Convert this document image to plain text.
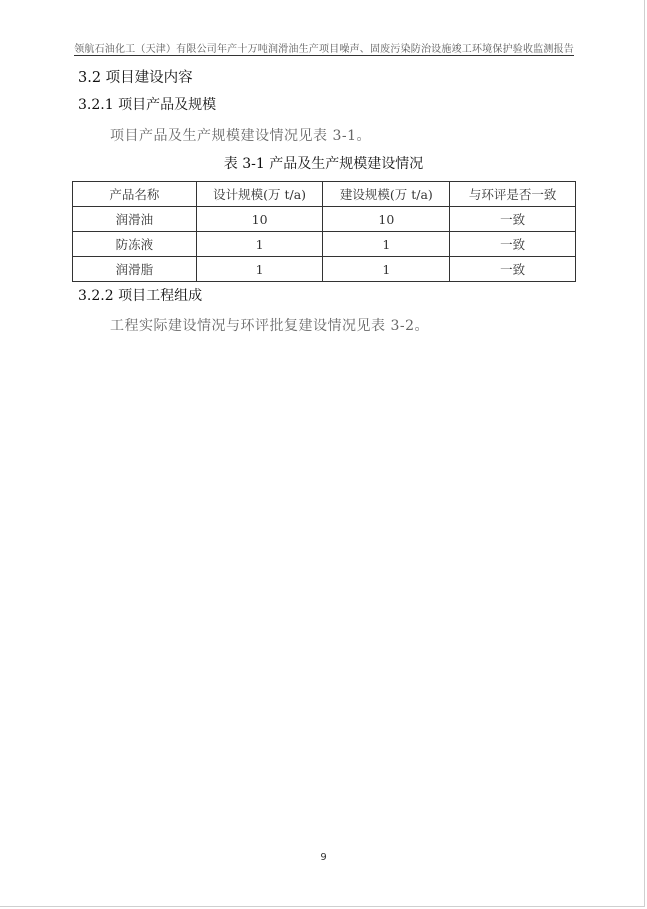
领航石油化工（天津）有限公司年产十万吨润滑油生产项目噪声、固废污染防治设施竣工环境保护验收监测报告
3.2 项目建设内容
3.2.1 项目产品及规模
项目产品及生产规模建设情况见表 3-1。
表 3-1 产品及生产规模建设情况
产品名称	设计规模(万 t/a)	建设规模(万 t/a)	与环评是否一致
润滑油	10	10	一致
防冻液	1	1	一致
润滑脂	1	1	一致
3.2.2 项目工程组成
工程实际建设情况与环评批复建设情况见表 3-2。
9
